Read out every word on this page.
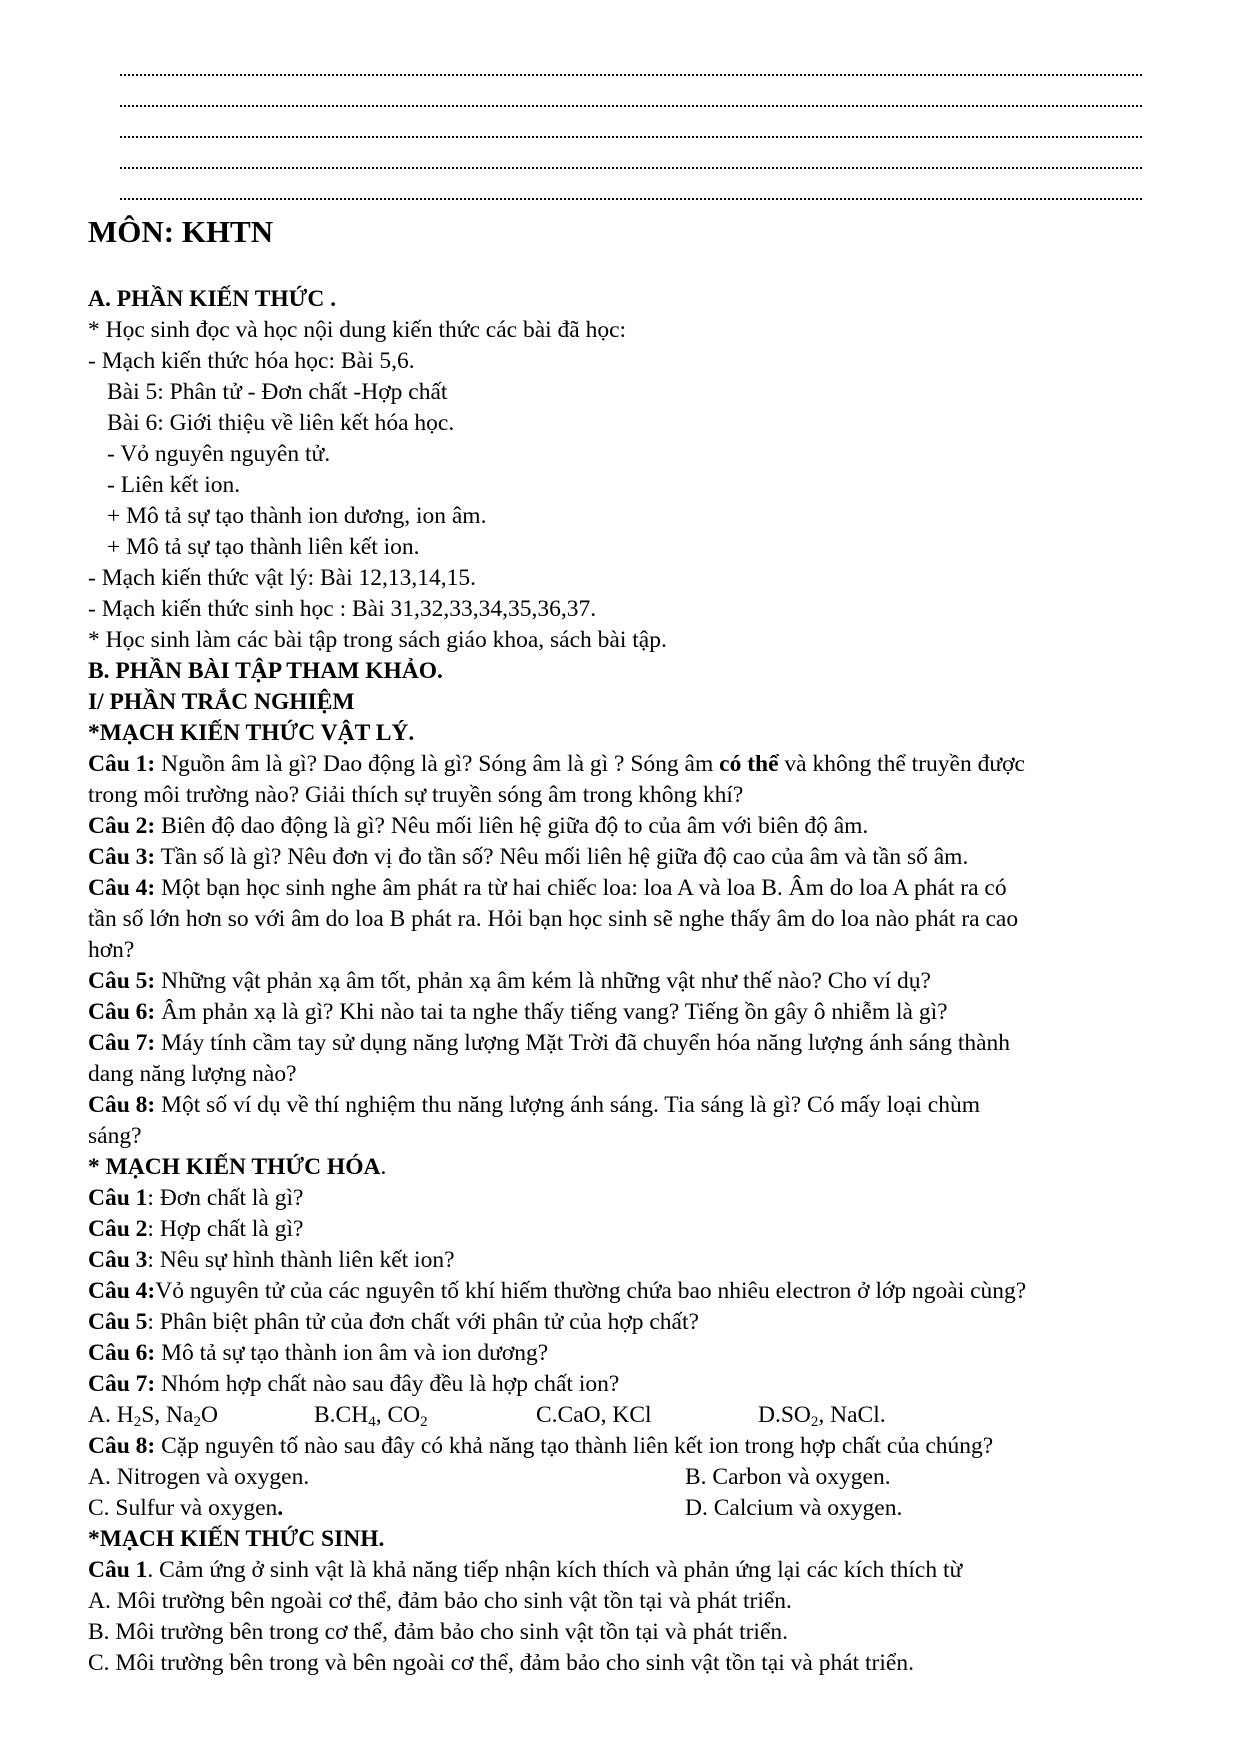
MÔN: KHTN
A. PHẦN KIẾN THỨC .
* Học sinh đọc và học nội dung kiến thức các bài đã học:
- Mạch kiến thức hóa học: Bài 5,6.
Bài 5: Phân tử - Đơn chất -Hợp chất
Bài 6: Giới thiệu về liên kết hóa học.
- Vỏ nguyên nguyên tử.
- Liên kết ion.
+ Mô tả sự tạo thành ion dương, ion âm.
+ Mô tả sự tạo thành liên kết ion.
- Mạch kiến thức vật lý: Bài 12,13,14,15.
- Mạch kiến thức sinh học : Bài 31,32,33,34,35,36,37.
* Học sinh làm các bài tập trong sách giáo khoa, sách bài tập.
B. PHẦN BÀI TẬP THAM KHẢO.
I/ PHẦN TRẮC NGHIỆM
*MẠCH KIẾN THỨC VẬT LÝ.
Câu 1: Nguồn âm là gì? Dao động là gì? Sóng âm là gì ? Sóng âm có thể và không thể truyền được
trong môi trường nào? Giải thích sự truyền sóng âm trong không khí?
Câu 2: Biên độ dao động là gì? Nêu mối liên hệ giữa độ to của âm với biên độ âm.
Câu 3: Tần số là gì? Nêu đơn vị đo tần số? Nêu mối liên hệ giữa độ cao của âm và tần số âm.
Câu 4: Một bạn học sinh nghe âm phát ra từ hai chiếc loa: loa A và loa B. Âm do loa A phát ra có
tần số lớn hơn so với âm do loa B phát ra. Hỏi bạn học sinh sẽ nghe thấy âm do loa nào phát ra cao
hơn?
Câu 5: Những vật phản xạ âm tốt, phản xạ âm kém là những vật như thế nào? Cho ví dụ?
Câu 6: Âm phản xạ là gì? Khi nào tai ta nghe thấy tiếng vang? Tiếng ồn gây ô nhiễm là gì?
Câu 7: Máy tính cầm tay sử dụng năng lượng Mặt Trời đã chuyển hóa năng lượng ánh sáng thành
dang năng lượng nào?
Câu 8: Một số ví dụ về thí nghiệm thu năng lượng ánh sáng. Tia sáng là gì? Có mấy loại chùm
sáng?
* MẠCH KIẾN THỨC HÓA.
Câu 1: Đơn chất là gì?
Câu 2: Hợp chất là gì?
Câu 3: Nêu sự hình thành liên kết ion?
Câu 4:Vỏ nguyên tử của các nguyên tố khí hiếm thường chứa bao nhiêu electron ở lớp ngoài cùng?
Câu 5: Phân biệt phân tử của đơn chất với phân tử của hợp chất?
Câu 6: Mô tả sự tạo thành ion âm và ion dương?
Câu 7: Nhóm hợp chất nào sau đây đều là hợp chất ion?
A. $H_2S$, $Na_2O$	$B.CH_4$, $CO_2$	C.CaO, KCl	$D.SO_2$, NaCl.
Câu 8: Cặp nguyên tố nào sau đây có khả năng tạo thành liên kết ion trong hợp chất của chúng?
A. Nitrogen và oxygen.	B. Carbon và oxygen.
C. Sulfur và oxygen.	D. Calcium và oxygen.
*MẠCH KIẾN THỨC SINH.
Câu 1. Cảm ứng ở sinh vật là khả năng tiếp nhận kích thích và phản ứng lại các kích thích từ
A. Môi trường bên ngoài cơ thể, đảm bảo cho sinh vật tồn tại và phát triển.
B. Môi trường bên trong cơ thể, đảm bảo cho sinh vật tồn tại và phát triển.
C. Môi trường bên trong và bên ngoài cơ thể, đảm bảo cho sinh vật tồn tại và phát triển.
